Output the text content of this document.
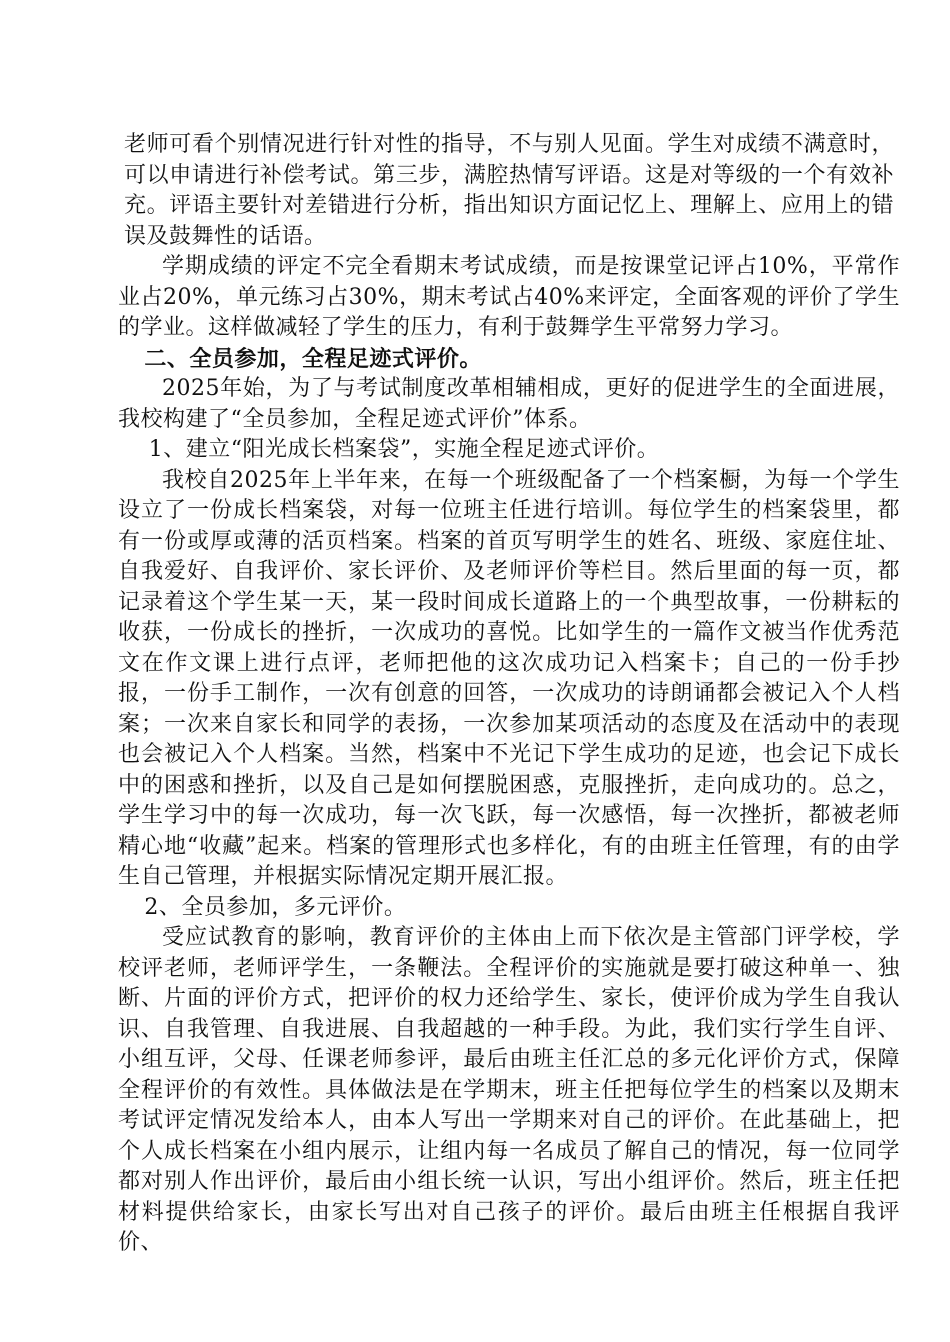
老师可看个别情况进行针对性的指导，不与别人见面。学生对成绩不满意时，可以申请进行补偿考试。第三步，满腔热情写评语。这是对等级的一个有效补充。评语主要针对差错进行分析，指出知识方面记忆上、理解上、应用上的错误及鼓舞性的话语。

学期成绩的评定不完全看期末考试成绩，而是按课堂记评占10%，平常作业占20%，单元练习占30%，期末考试占40%来评定，全面客观的评价了学生的学业。这样做减轻了学生的压力，有利于鼓舞学生平常努力学习。

二、全员参加，全程足迹式评价。

2025年始，为了与考试制度改革相辅相成，更好的促进学生的全面进展，我校构建了“全员参加，全程足迹式评价”体系。

1、建立“阳光成长档案袋”，实施全程足迹式评价。

我校自2025年上半年来，在每一个班级配备了一个档案橱，为每一个学生设立了一份成长档案袋，对每一位班主任进行培训。每位学生的档案袋里，都有一份或厚或薄的活页档案。档案的首页写明学生的姓名、班级、家庭住址、自我爱好、自我评价、家长评价、及老师评价等栏目。然后里面的每一页，都记录着这个学生某一天，某一段时间成长道路上的一个典型故事，一份耕耘的收获，一份成长的挫折，一次成功的喜悦。比如学生的一篇作文被当作优秀范文在作文课上进行点评，老师把他的这次成功记入档案卡；自己的一份手抄报，一份手工制作，一次有创意的回答，一次成功的诗朗诵都会被记入个人档案；一次来自家长和同学的表扬，一次参加某项活动的态度及在活动中的表现也会被记入个人档案。当然，档案中不光记下学生成功的足迹，也会记下成长中的困惑和挫折，以及自己是如何摆脱困惑，克服挫折，走向成功的。总之，学生学习中的每一次成功，每一次飞跃，每一次感悟，每一次挫折，都被老师精心地“收藏”起来。档案的管理形式也多样化，有的由班主任管理，有的由学生自己管理，并根据实际情况定期开展汇报。

2、全员参加，多元评价。

受应试教育的影响，教育评价的主体由上而下依次是主管部门评学校，学校评老师，老师评学生，一条鞭法。全程评价的实施就是要打破这种单一、独断、片面的评价方式，把评价的权力还给学生、家长，使评价成为学生自我认识、自我管理、自我进展、自我超越的一种手段。为此，我们实行学生自评、小组互评，父母、任课老师参评，最后由班主任汇总的多元化评价方式，保障全程评价的有效性。具体做法是在学期末，班主任把每位学生的档案以及期末考试评定情况发给本人，由本人写出一学期来对自己的评价。在此基础上，把个人成长档案在小组内展示，让组内每一名成员了解自己的情况，每一位同学都对别人作出评价，最后由小组长统一认识，写出小组评价。然后，班主任把材料提供给家长，由家长写出对自己孩子的评价。最后由班主任根据自我评价、
